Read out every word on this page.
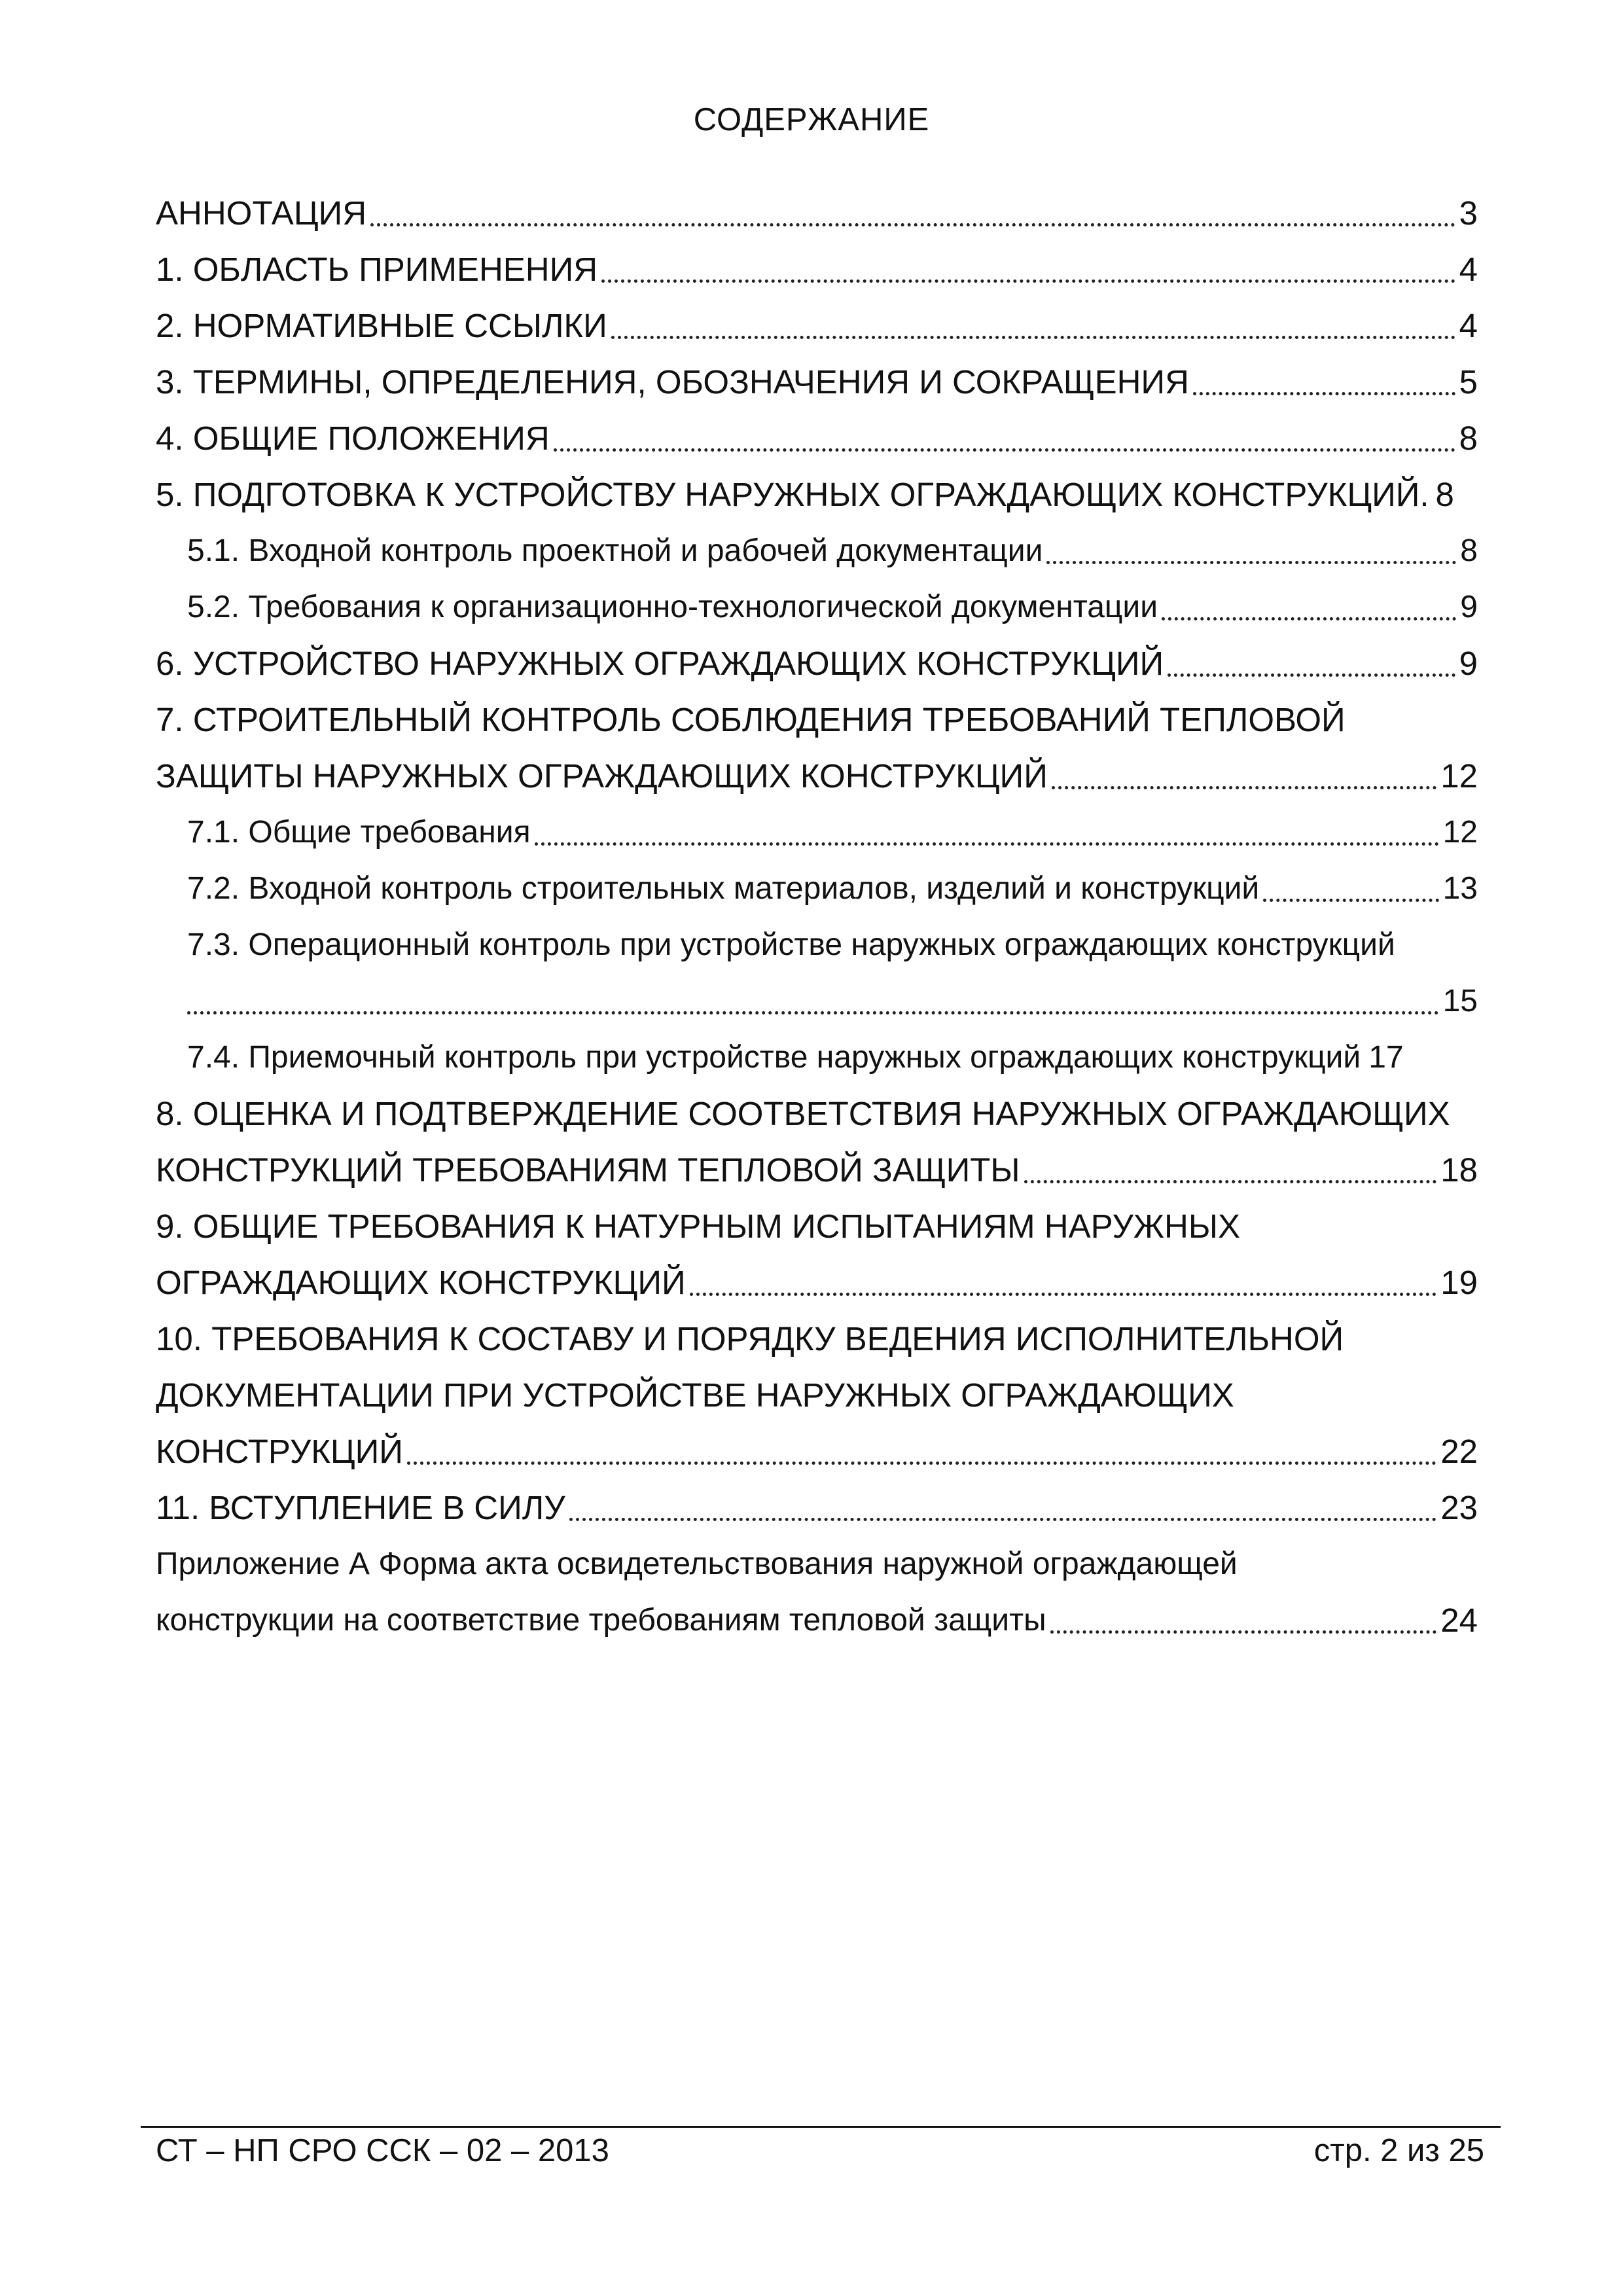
СОДЕРЖАНИЕ
АННОТАЦИЯ	3
1. ОБЛАСТЬ ПРИМЕНЕНИЯ	4
2. НОРМАТИВНЫЕ ССЫЛКИ	4
3. ТЕРМИНЫ, ОПРЕДЕЛЕНИЯ, ОБОЗНАЧЕНИЯ И СОКРАЩЕНИЯ	5
4. ОБЩИЕ ПОЛОЖЕНИЯ	8
5. ПОДГОТОВКА К УСТРОЙСТВУ НАРУЖНЫХ ОГРАЖДАЮЩИХ КОНСТРУКЦИЙ. 8
5.1. Входной контроль проектной и рабочей документации	8
5.2. Требования к организационно-технологической документации	9
6. УСТРОЙСТВО НАРУЖНЫХ ОГРАЖДАЮЩИХ КОНСТРУКЦИЙ	9
7. СТРОИТЕЛЬНЫЙ КОНТРОЛЬ СОБЛЮДЕНИЯ ТРЕБОВАНИЙ ТЕПЛОВОЙ
ЗАЩИТЫ НАРУЖНЫХ ОГРАЖДАЮЩИХ КОНСТРУКЦИЙ	12
7.1. Общие требования	12
7.2. Входной контроль строительных материалов, изделий и конструкций	13
7.3. Операционный контроль при устройстве наружных ограждающих конструкций
15
7.4. Приемочный контроль при устройстве наружных ограждающих конструкций 17
8. ОЦЕНКА И ПОДТВЕРЖДЕНИЕ СООТВЕТСТВИЯ НАРУЖНЫХ ОГРАЖДАЮЩИХ
КОНСТРУКЦИЙ ТРЕБОВАНИЯМ ТЕПЛОВОЙ ЗАЩИТЫ	18
9. ОБЩИЕ ТРЕБОВАНИЯ К НАТУРНЫМ ИСПЫТАНИЯМ НАРУЖНЫХ
ОГРАЖДАЮЩИХ КОНСТРУКЦИЙ	19
10. ТРЕБОВАНИЯ К СОСТАВУ И ПОРЯДКУ ВЕДЕНИЯ ИСПОЛНИТЕЛЬНОЙ
ДОКУМЕНТАЦИИ ПРИ УСТРОЙСТВЕ НАРУЖНЫХ ОГРАЖДАЮЩИХ
КОНСТРУКЦИЙ	22
11. ВСТУПЛЕНИЕ В СИЛУ	23
Приложение А Форма акта освидетельствования наружной ограждающей
конструкции на соответствие требованиям тепловой защиты	24
СТ – НП СРО ССК – 02 – 2013	стр. 2 из 25
